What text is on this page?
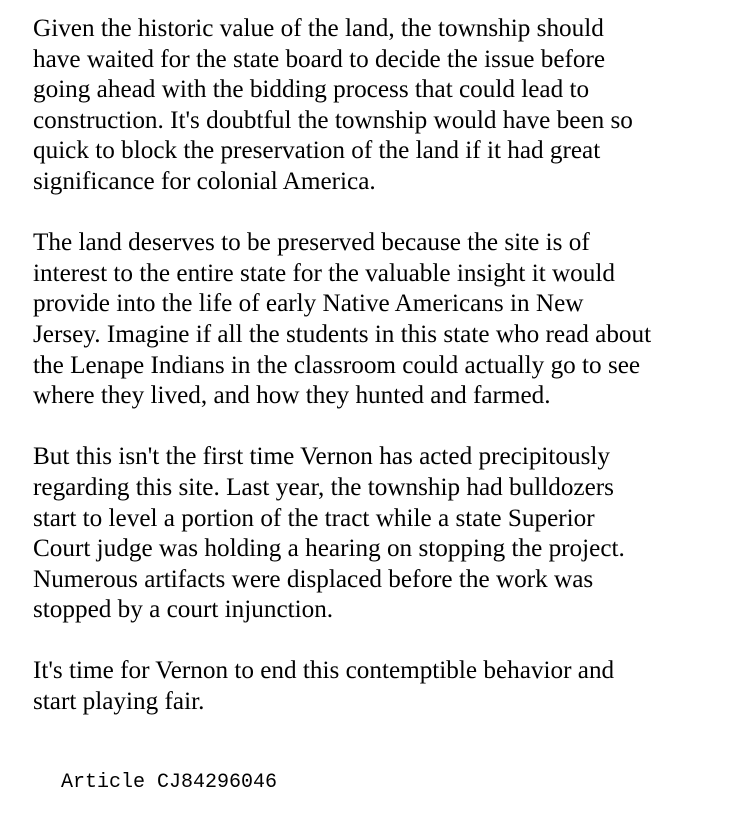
Given the historic value of the land, the township should
have waited for the state board to decide the issue before
going ahead with the bidding process that could lead to
construction. It's doubtful the township would have been so
quick to block the preservation of the land if it had great
significance for colonial America.

The land deserves to be preserved because the site is of
interest to the entire state for the valuable insight it would
provide into the life of early Native Americans in New
Jersey. Imagine if all the students in this state who read about
the Lenape Indians in the classroom could actually go to see
where they lived, and how they hunted and farmed.

But this isn't the first time Vernon has acted precipitously
regarding this site. Last year, the township had bulldozers
start to level a portion of the tract while a state Superior
Court judge was holding a hearing on stopping the project.
Numerous artifacts were displaced before the work was
stopped by a court injunction.

It's time for Vernon to end this contemptible behavior and
start playing fair.

Article CJ84296046
